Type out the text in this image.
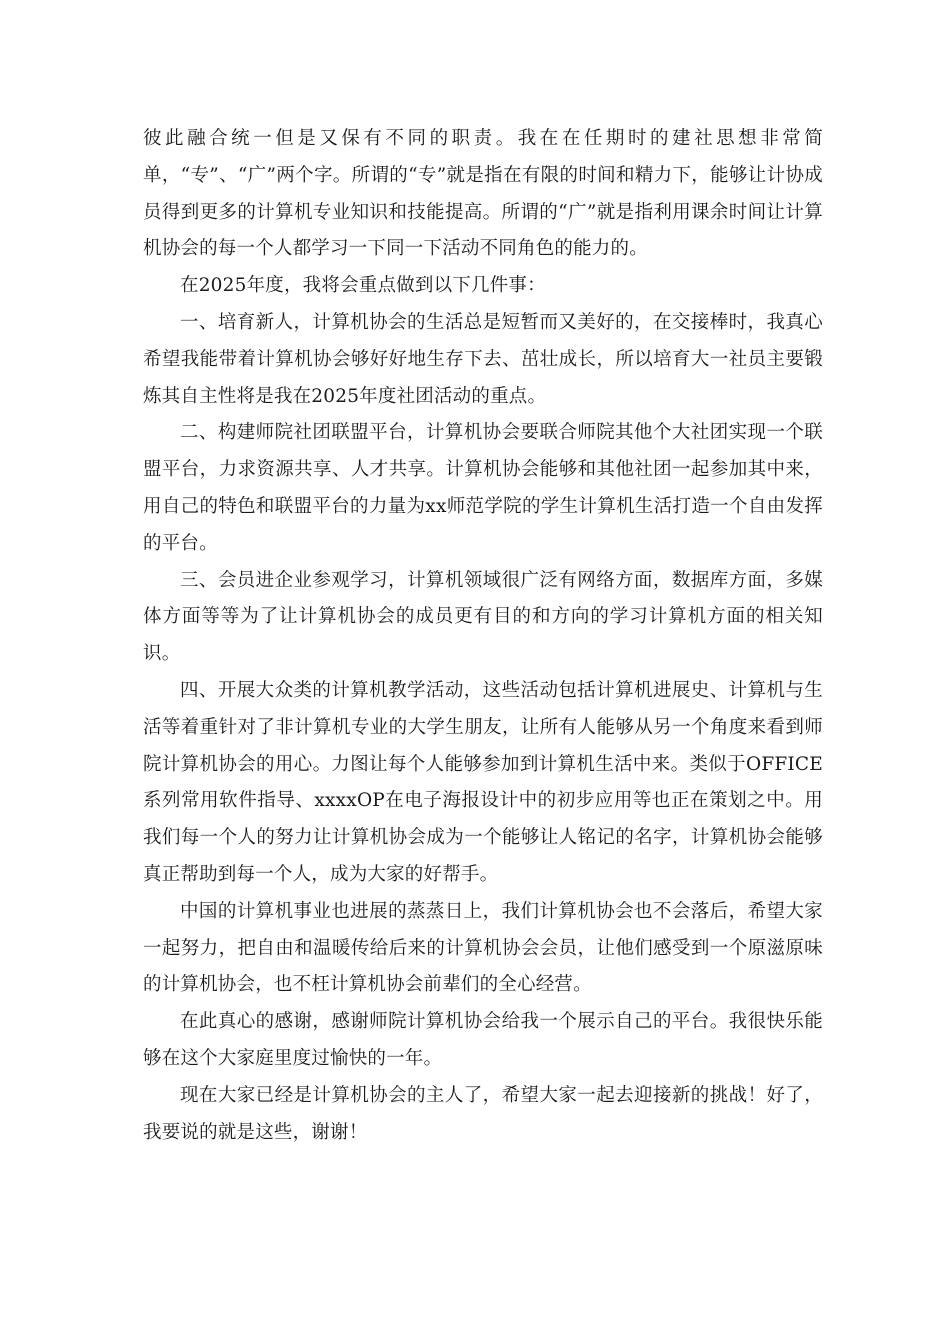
彼此融合统一但是又保有不同的职责。我在在任期时的建社思想非常简单，“专”、“广”两个字。所谓的“专”就是指在有限的时间和精力下，能够让计协成员得到更多的计算机专业知识和技能提高。所谓的“广”就是指利用课余时间让计算机协会的每一个人都学习一下同一下活动不同角色的能力的。

在2025年度，我将会重点做到以下几件事：

一、培育新人，计算机协会的生活总是短暂而又美好的，在交接棒时，我真心希望我能带着计算机协会够好好地生存下去、茁壮成长，所以培育大一社员主要锻炼其自主性将是我在2025年度社团活动的重点。

二、构建师院社团联盟平台，计算机协会要联合师院其他个大社团实现一个联盟平台，力求资源共享、人才共享。计算机协会能够和其他社团一起参加其中来，用自己的特色和联盟平台的力量为xx师范学院的学生计算机生活打造一个自由发挥的平台。

三、会员进企业参观学习，计算机领域很广泛有网络方面，数据库方面，多媒体方面等等为了让计算机协会的成员更有目的和方向的学习计算机方面的相关知识。

四、开展大众类的计算机教学活动，这些活动包括计算机进展史、计算机与生活等着重针对了非计算机专业的大学生朋友，让所有人能够从另一个角度来看到师院计算机协会的用心。力图让每个人能够参加到计算机生活中来。类似于OFFICE系列常用软件指导、xxxxOP在电子海报设计中的初步应用等也正在策划之中。用我们每一个人的努力让计算机协会成为一个能够让人铭记的名字，计算机协会能够真正帮助到每一个人，成为大家的好帮手。

中国的计算机事业也进展的蒸蒸日上，我们计算机协会也不会落后，希望大家一起努力，把自由和温暖传给后来的计算机协会会员，让他们感受到一个原滋原味的计算机协会，也不枉计算机协会前辈们的全心经营。

在此真心的感谢，感谢师院计算机协会给我一个展示自己的平台。我很快乐能够在这个大家庭里度过愉快的一年。

现在大家已经是计算机协会的主人了，希望大家一起去迎接新的挑战！好了，我要说的就是这些，谢谢！
